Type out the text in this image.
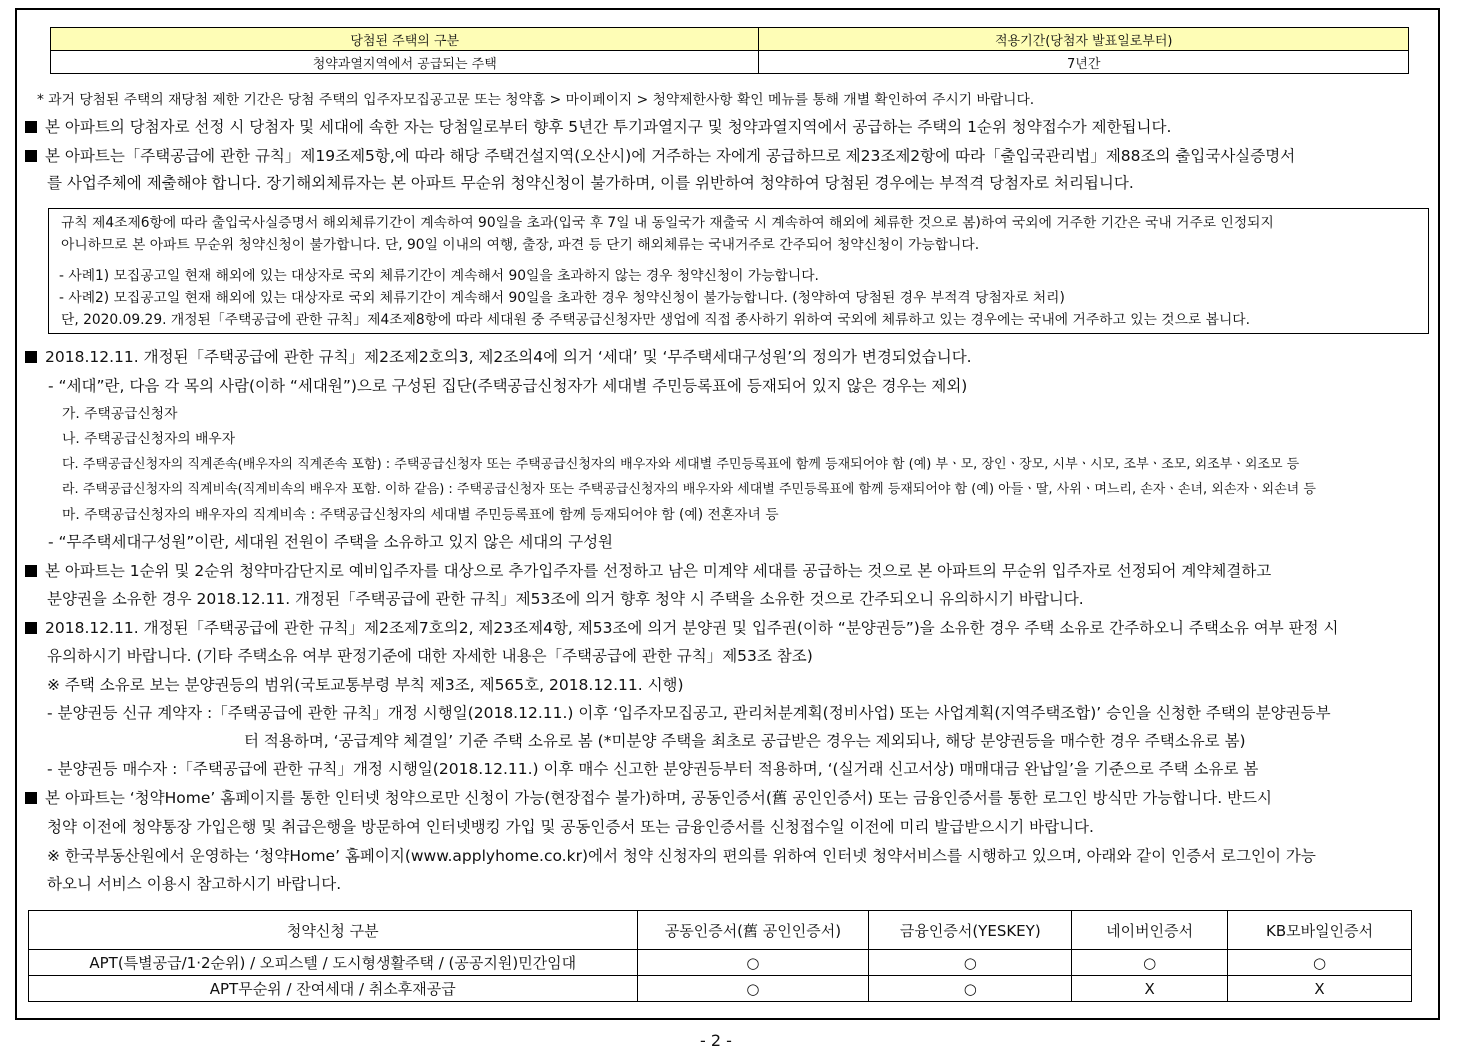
당첨된 주택의 구분	적용기간(당첨자 발표일로부터)
청약과열지역에서 공급되는 주택	7년간
* 과거 당첨된 주택의 재당첨 제한 기간은 당첨 주택의 입주자모집공고문 또는 청약홈 > 마이페이지 > 청약제한사항 확인 메뉴를 통해 개별 확인하여 주시기 바랍니다.
본 아파트의 당첨자로 선정 시 당첨자 및 세대에 속한 자는 당첨일로부터 향후 5년간 투기과열지구 및 청약과열지역에서 공급하는 주택의 1순위 청약접수가 제한됩니다.
본 아파트는「주택공급에 관한 규칙」제19조제5항,에 따라 해당 주택건설지역(오산시)에 거주하는 자에게 공급하므로 제23조제2항에 따라「출입국관리법」제88조의 출입국사실증명서
를 사업주체에 제출해야 합니다. 장기해외체류자는 본 아파트 무순위 청약신청이 불가하며, 이를 위반하여 청약하여 당첨된 경우에는 부적격 당첨자로 처리됩니다.
규칙 제4조제6항에 따라 출입국사실증명서 해외체류기간이 계속하여 90일을 초과(입국 후 7일 내 동일국가 재출국 시 계속하여 해외에 체류한 것으로 봄)하여 국외에 거주한 기간은 국내 거주로 인정되지
아니하므로 본 아파트 무순위 청약신청이 불가합니다. 단, 90일 이내의 여행, 출장, 파견 등 단기 해외체류는 국내거주로 간주되어 청약신청이 가능합니다.
- 사례1) 모집공고일 현재 해외에 있는 대상자로 국외 체류기간이 계속해서 90일을 초과하지 않는 경우 청약신청이 가능합니다.
- 사례2) 모집공고일 현재 해외에 있는 대상자로 국외 체류기간이 계속해서 90일을 초과한 경우 청약신청이 불가능합니다. (청약하여 당첨된 경우 부적격 당첨자로 처리)
단, 2020.09.29. 개정된「주택공급에 관한 규칙」제4조제8항에 따라 세대원 중 주택공급신청자만 생업에 직접 종사하기 위하여 국외에 체류하고 있는 경우에는 국내에 거주하고 있는 것으로 봅니다.
2018.12.11. 개정된「주택공급에 관한 규칙」제2조제2호의3, 제2조의4에 의거 ‘세대’ 및 ‘무주택세대구성원’의 정의가 변경되었습니다.
- “세대”란, 다음 각 목의 사람(이하 “세대원”)으로 구성된 집단(주택공급신청자가 세대별 주민등록표에 등재되어 있지 않은 경우는 제외)
가. 주택공급신청자
나. 주택공급신청자의 배우자
다. 주택공급신청자의 직계존속(배우자의 직계존속 포함) : 주택공급신청자 또는 주택공급신청자의 배우자와 세대별 주민등록표에 함께 등재되어야 함 (예) 부ㆍ모, 장인ㆍ장모, 시부ㆍ시모, 조부ㆍ조모, 외조부ㆍ외조모 등
라. 주택공급신청자의 직계비속(직계비속의 배우자 포함. 이하 같음) : 주택공급신청자 또는 주택공급신청자의 배우자와 세대별 주민등록표에 함께 등재되어야 함 (예) 아들ㆍ딸, 사위ㆍ며느리, 손자ㆍ손녀, 외손자ㆍ외손녀 등
마. 주택공급신청자의 배우자의 직계비속 : 주택공급신청자의 세대별 주민등록표에 함께 등재되어야 함 (예) 전혼자녀 등
- “무주택세대구성원”이란, 세대원 전원이 주택을 소유하고 있지 않은 세대의 구성원
본 아파트는 1순위 및 2순위 청약마감단지로 예비입주자를 대상으로 추가입주자를 선정하고 남은 미계약 세대를 공급하는 것으로 본 아파트의 무순위 입주자로 선정되어 계약체결하고
분양권을 소유한 경우 2018.12.11. 개정된「주택공급에 관한 규칙」제53조에 의거 향후 청약 시 주택을 소유한 것으로 간주되오니 유의하시기 바랍니다.
2018.12.11. 개정된「주택공급에 관한 규칙」제2조제7호의2, 제23조제4항, 제53조에 의거 분양권 및 입주권(이하 “분양권등”)을 소유한 경우 주택 소유로 간주하오니 주택소유 여부 판정 시
유의하시기 바랍니다. (기타 주택소유 여부 판정기준에 대한 자세한 내용은「주택공급에 관한 규칙」제53조 참조)
※ 주택 소유로 보는 분양권등의 범위(국토교통부령 부칙 제3조, 제565호, 2018.12.11. 시행)
- 분양권등 신규 계약자 :「주택공급에 관한 규칙」개정 시행일(2018.12.11.) 이후 ‘입주자모집공고, 관리처분계획(정비사업) 또는 사업계획(지역주택조합)’ 승인을 신청한 주택의 분양권등부
터 적용하며, ‘공급계약 체결일’ 기준 주택 소유로 봄 (*미분양 주택을 최초로 공급받은 경우는 제외되나, 해당 분양권등을 매수한 경우 주택소유로 봄)
- 분양권등 매수자 :「주택공급에 관한 규칙」개정 시행일(2018.12.11.) 이후 매수 신고한 분양권등부터 적용하며, ‘(실거래 신고서상) 매매대금 완납일’을 기준으로 주택 소유로 봄
본 아파트는 ‘청약Home’ 홈페이지를 통한 인터넷 청약으로만 신청이 가능(현장접수 불가)하며, 공동인증서(舊 공인인증서) 또는 금융인증서를 통한 로그인 방식만 가능합니다. 반드시
청약 이전에 청약통장 가입은행 및 취급은행을 방문하여 인터넷뱅킹 가입 및 공동인증서 또는 금융인증서를 신청접수일 이전에 미리 발급받으시기 바랍니다.
※ 한국부동산원에서 운영하는 ‘청약Home’ 홈페이지(www.applyhome.co.kr)에서 청약 신청자의 편의를 위하여 인터넷 청약서비스를 시행하고 있으며, 아래와 같이 인증서 로그인이 가능
하오니 서비스 이용시 참고하시기 바랍니다.
청약신청 구분	공동인증서(舊 공인인증서)	금융인증서(YESKEY)	네이버인증서	KB모바일인증서
APT(특별공급/1·2순위) / 오피스텔 / 도시형생활주택 / (공공지원)민간임대	○	○	○	○
APT무순위 / 잔여세대 / 취소후재공급	○	○	X	X
- 2 -
